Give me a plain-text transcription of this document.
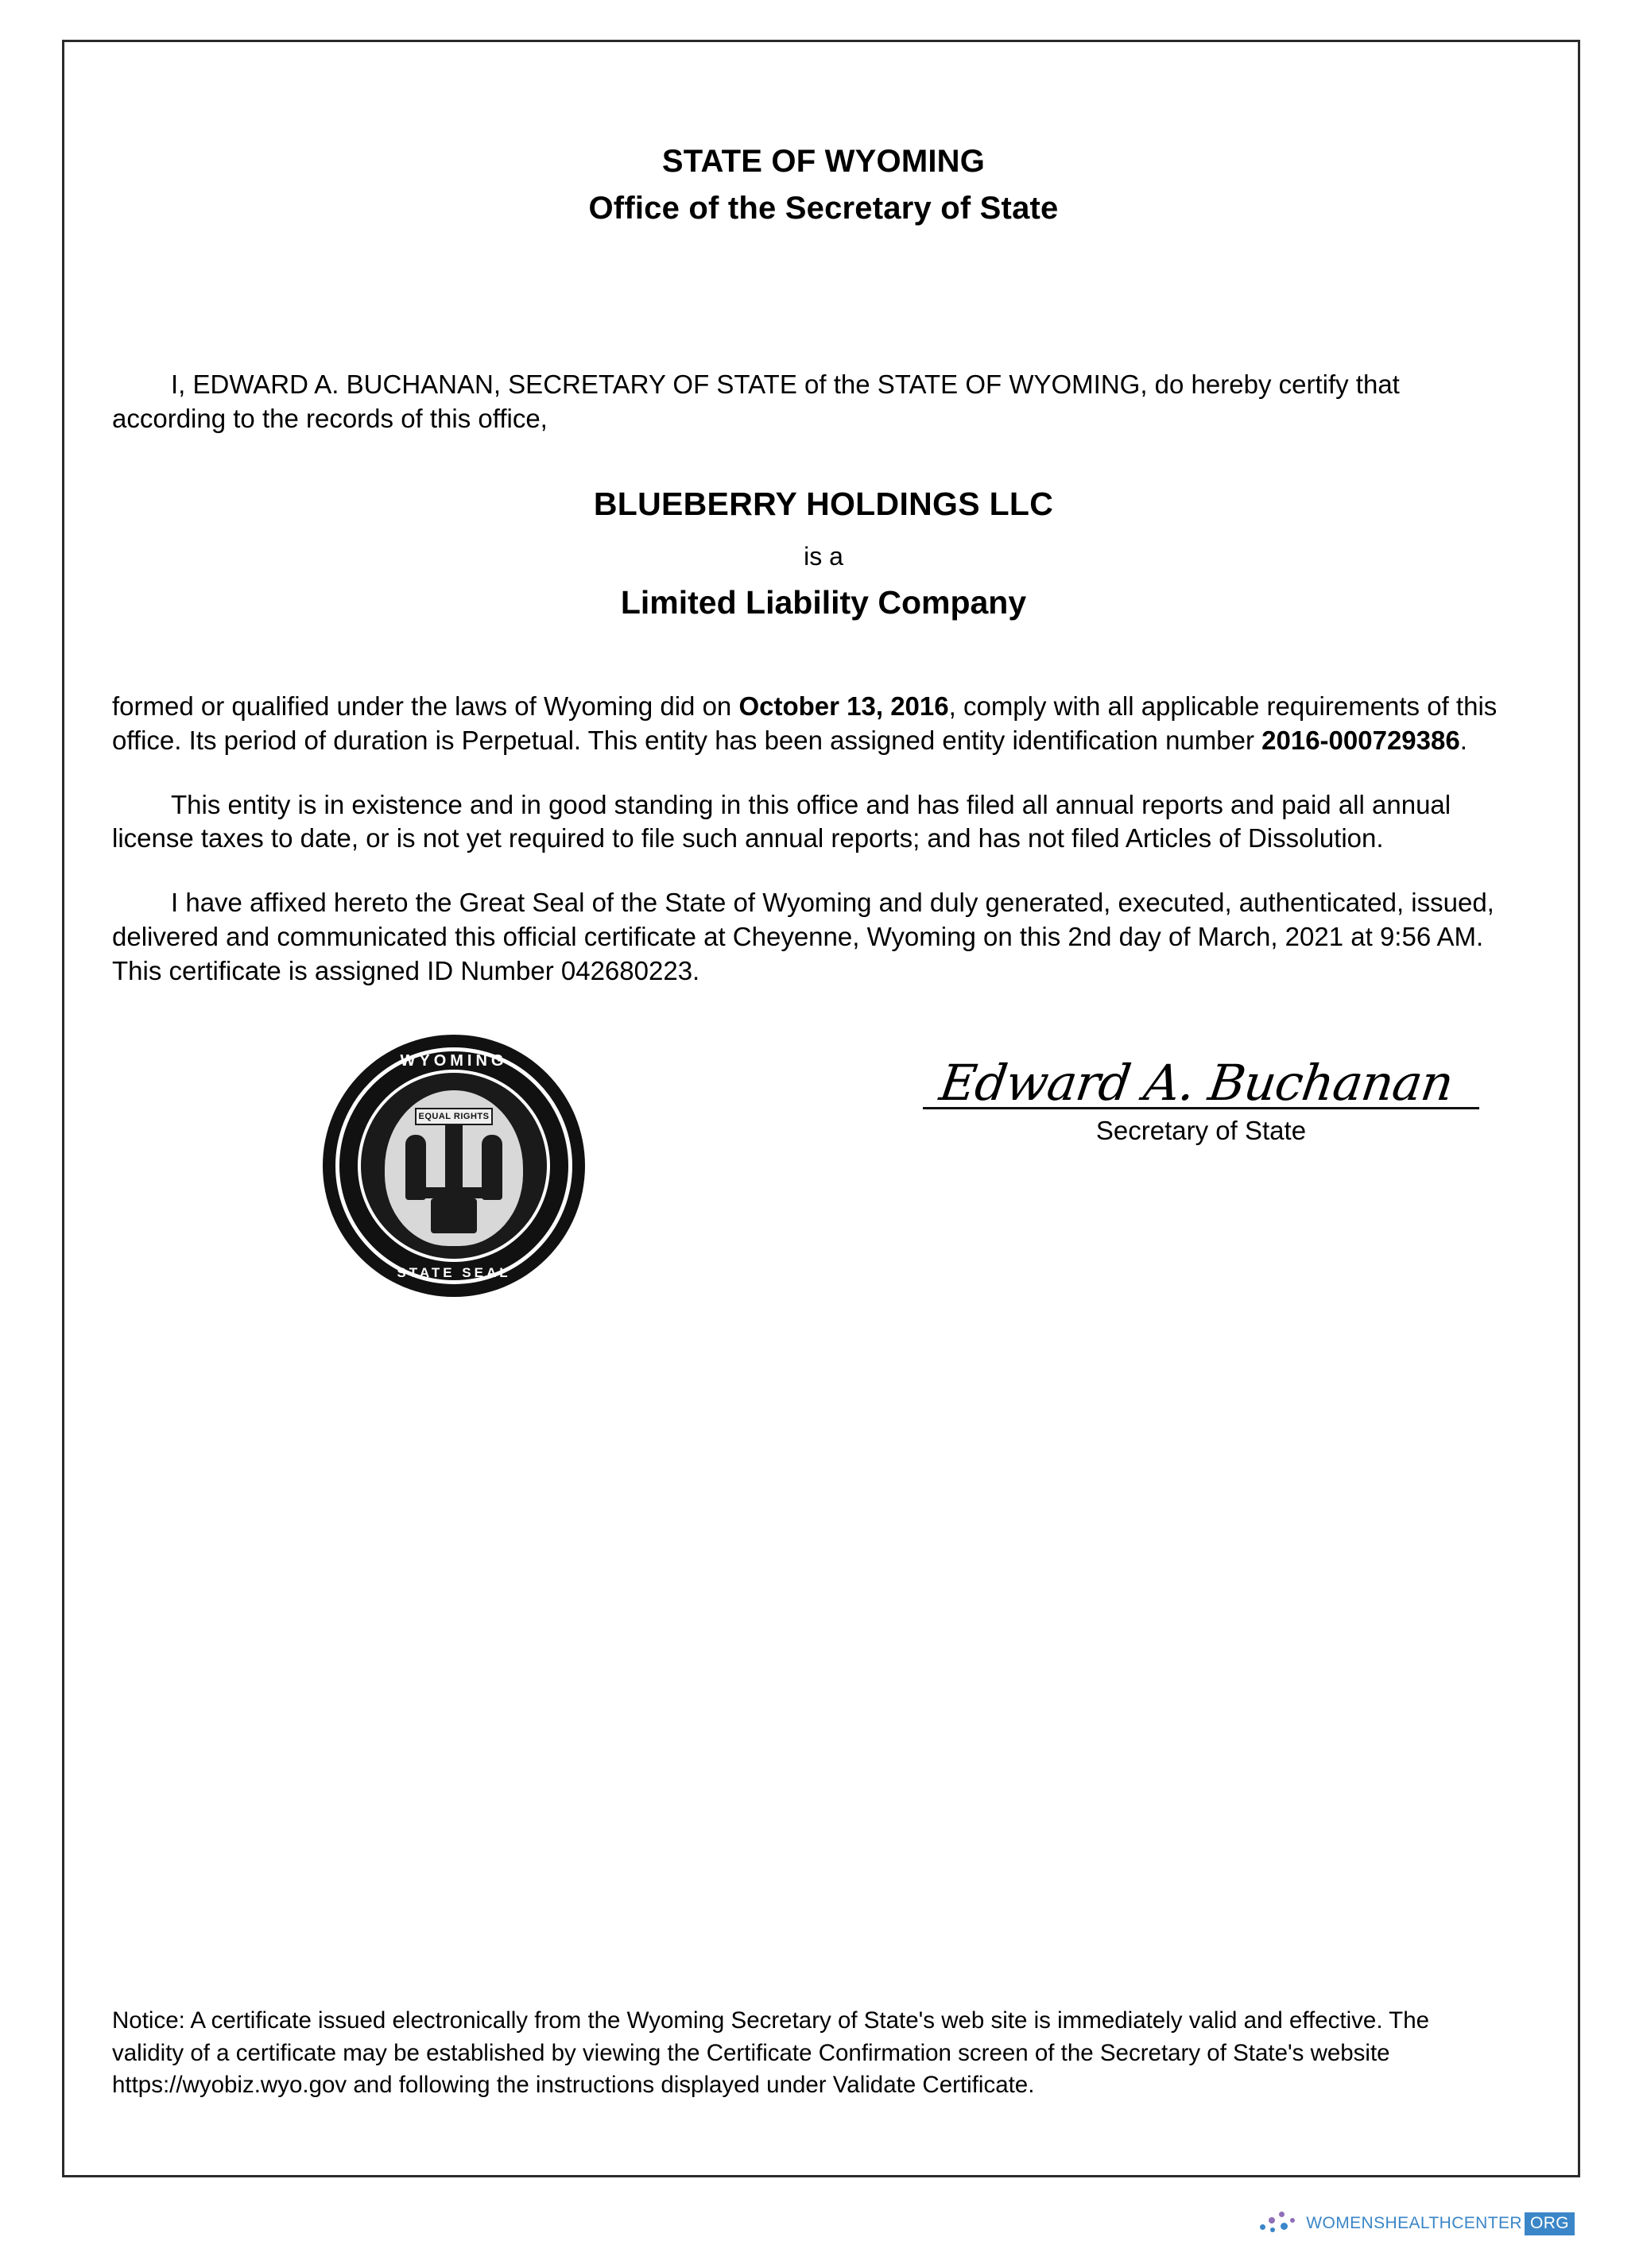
STATE OF WYOMING
Office of the Secretary of State
I, EDWARD A. BUCHANAN, SECRETARY OF STATE of the STATE OF WYOMING, do hereby certify that according to the records of this office,
BLUEBERRY HOLDINGS LLC
is a
Limited Liability Company
formed or qualified under the laws of Wyoming did on October 13, 2016, comply with all applicable requirements of this office. Its period of duration is Perpetual. This entity has been assigned entity identification number 2016-000729386.
This entity is in existence and in good standing in this office and has filed all annual reports and paid all annual license taxes to date, or is not yet required to file such annual reports; and has not filed Articles of Dissolution.
I have affixed hereto the Great Seal of the State of Wyoming and duly generated, executed, authenticated, issued, delivered and communicated this official certificate at Cheyenne, Wyoming on this 2nd day of March, 2021 at 9:56 AM. This certificate is assigned ID Number 042680223.
WYOMING
STATE SEAL
EQUAL RIGHTS
Edward A. Buchanan
Secretary of State
Notice: A certificate issued electronically from the Wyoming Secretary of State's web site is immediately valid and effective. The validity of a certificate may be established by viewing the Certificate Confirmation screen of the Secretary of State's website https://wyobiz.wyo.gov and following the instructions displayed under Validate Certificate.
WOMENSHEALTHCENTER ORG
